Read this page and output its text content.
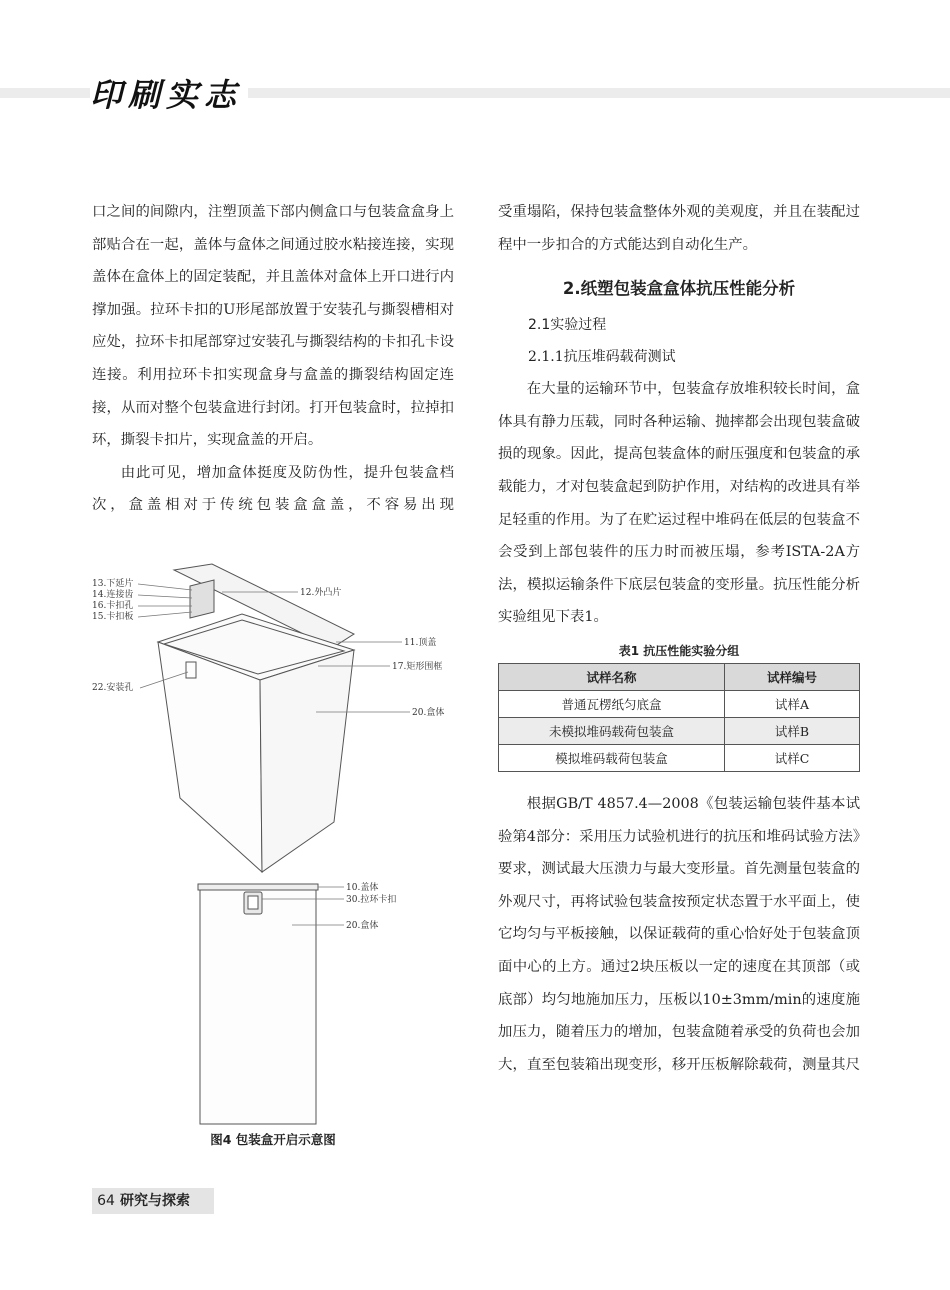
印刷实志

口之间的间隙内，注塑顶盖下部内侧盒口与包装盒盒身上部贴合在一起，盖体与盒体之间通过胶水粘接连接，实现盖体在盒体上的固定装配，并且盖体对盒体上开口进行内撑加强。拉环卡扣的U形尾部放置于安装孔与撕裂槽相对应处，拉环卡扣尾部穿过安装孔与撕裂结构的卡扣孔卡设连接。利用拉环卡扣实现盒身与盒盖的撕裂结构固定连接，从而对整个包装盒进行封闭。打开包装盒时，拉掉扣环，撕裂卡扣片，实现盒盖的开启。

由此可见，增加盒体挺度及防伪性，提升包装盒档次，盒盖相对于传统包装盒盒盖，不容易出现

13.下延片
14.连接齿
16.卡扣孔
15.卡扣板
12.外凸片
11.顶盖
17.矩形围框
22.安装孔
20.盒体
10.盖体
30.拉环卡扣
20.盒体
图4 包装盒开启示意图

受重塌陷，保持包装盒整体外观的美观度，并且在装配过程中一步扣合的方式能达到自动化生产。

2.纸塑包装盒盒体抗压性能分析
2.1实验过程
2.1.1抗压堆码载荷测试

在大量的运输环节中，包装盒存放堆积较长时间，盒体具有静力压载，同时各种运输、抛摔都会出现包装盒破损的现象。因此，提高包装盒体的耐压强度和包装盒的承载能力，才对包装盒起到防护作用，对结构的改进具有举足轻重的作用。为了在贮运过程中堆码在低层的包装盒不会受到上部包装件的压力时而被压塌，参考ISTA-2A方法，模拟运输条件下底层包装盒的变形量。抗压性能分析实验组见下表1。

表1 抗压性能实验分组
试样名称	试样编号
普通瓦楞纸匀底盒	试样A
未模拟堆码载荷包装盒	试样B
模拟堆码载荷包装盒	试样C

根据GB/T 4857.4—2008《包装运输包装件基本试验第4部分：采用压力试验机进行的抗压和堆码试验方法》要求，测试最大压溃力与最大变形量。首先测量包装盒的外观尺寸，再将试验包装盒按预定状态置于水平面上，使它均匀与平板接触，以保证载荷的重心恰好处于包装盒顶面中心的上方。通过2块压板以一定的速度在其顶部（或底部）均匀地施加压力，压板以10±3mm/min的速度施加压力，随着压力的增加，包装盒随着承受的负荷也会加大，直至包装箱出现变形，移开压板解除载荷，测量其尺

64 研究与探索
